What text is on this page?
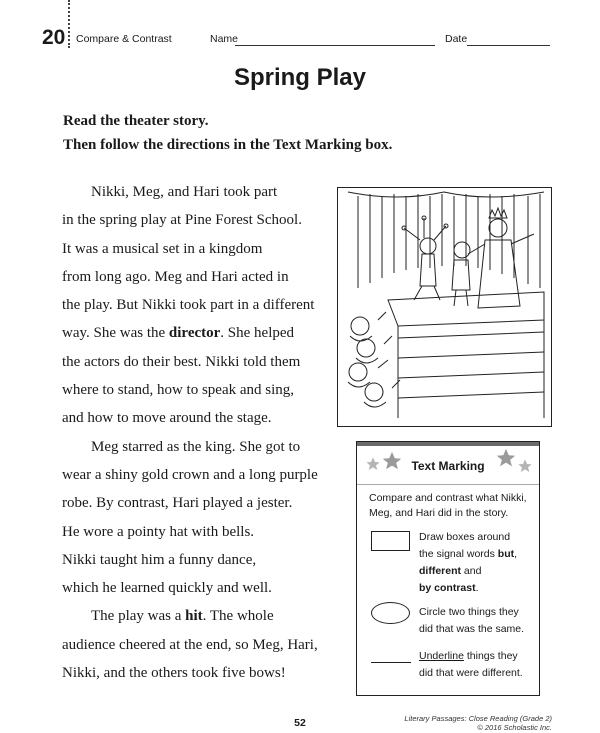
20 Compare & Contrast	Name	Date
Spring Play
Read the theater story.
Then follow the directions in the Text Marking box.
Nikki, Meg, and Hari took part
in the spring play at Pine Forest School.
It was a musical set in a kingdom
from long ago. Meg and Hari acted in
the play. But Nikki took part in a different
way. She was the director. She helped
the actors do their best. Nikki told them
where to stand, how to speak and sing,
and how to move around the stage.
Meg starred as the king. She got to
wear a shiny gold crown and a long purple
robe. By contrast, Hari played a jester.
He wore a pointy hat with bells.
Nikki taught him a funny dance,
which he learned quickly and well.
The play was a hit. The whole
audience cheered at the end, so Meg, Hari,
Nikki, and the others took five bows!
Text Marking
Compare and contrast what Nikki, Meg, and Hari did in the story.
Draw boxes around
the signal words but,
different and
by contrast.
Circle two things they
did that was the same.
Underline things they
did that were different.
52	Literary Passages: Close Reading (Grade 2)
© 2016 Scholastic Inc.
